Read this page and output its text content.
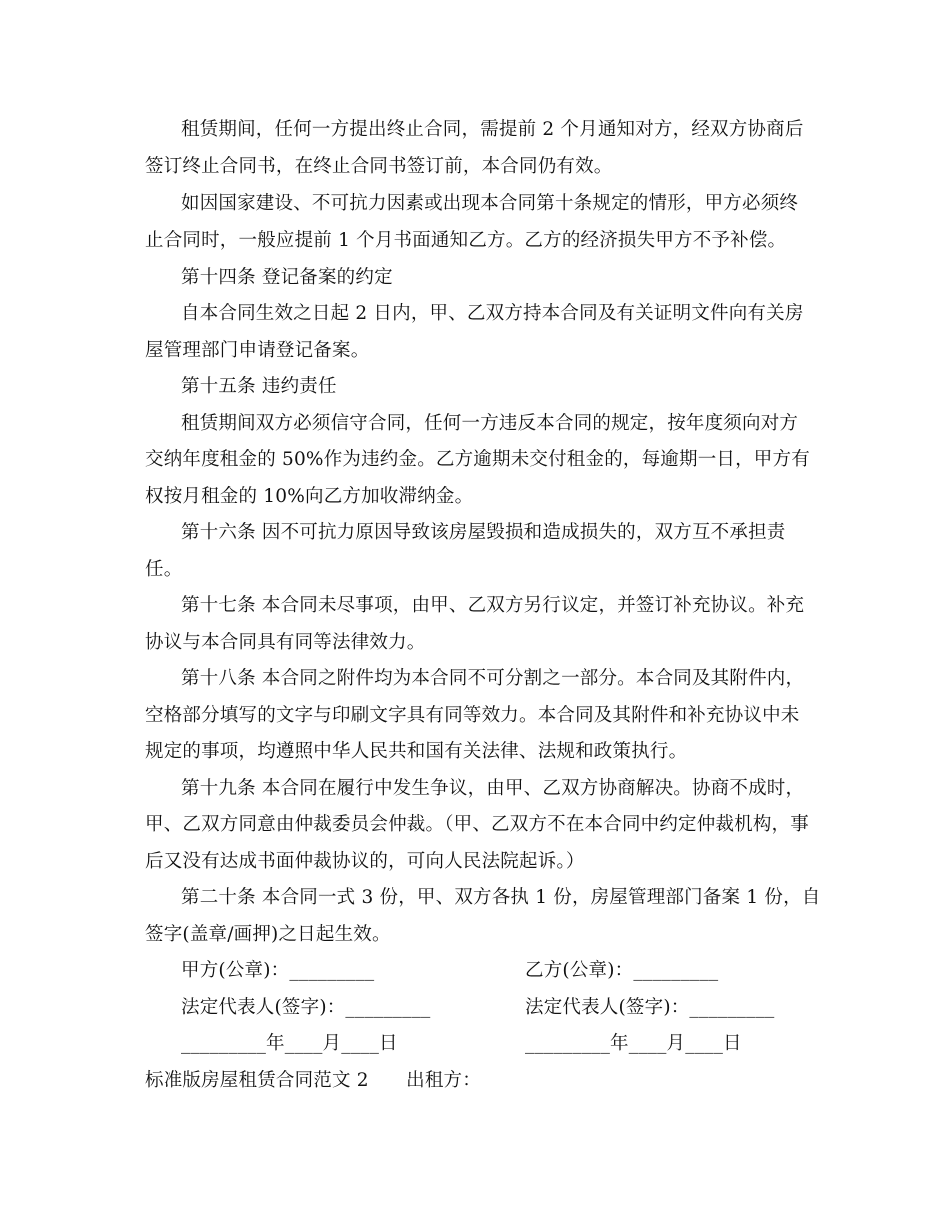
租赁期间，任何一方提出终止合同，需提前 2 个月通知对方，经双方协商后
签订终止合同书，在终止合同书签订前，本合同仍有效。
如因国家建设、不可抗力因素或出现本合同第十条规定的情形，甲方必须终
止合同时，一般应提前 1 个月书面通知乙方。乙方的经济损失甲方不予补偿。
第十四条 登记备案的约定
自本合同生效之日起 2 日内，甲、乙双方持本合同及有关证明文件向有关房
屋管理部门申请登记备案。
第十五条 违约责任
租赁期间双方必须信守合同，任何一方违反本合同的规定，按年度须向对方
交纳年度租金的 50%作为违约金。乙方逾期未交付租金的，每逾期一日，甲方有
权按月租金的 10%向乙方加收滞纳金。
第十六条 因不可抗力原因导致该房屋毁损和造成损失的，双方互不承担责
任。
第十七条 本合同未尽事项，由甲、乙双方另行议定，并签订补充协议。补充
协议与本合同具有同等法律效力。
第十八条 本合同之附件均为本合同不可分割之一部分。本合同及其附件内，
空格部分填写的文字与印刷文字具有同等效力。本合同及其附件和补充协议中未
规定的事项，均遵照中华人民共和国有关法律、法规和政策执行。
第十九条 本合同在履行中发生争议，由甲、乙双方协商解决。协商不成时，
甲、乙双方同意由仲裁委员会仲裁。（甲、乙双方不在本合同中约定仲裁机构，事
后又没有达成书面仲裁协议的，可向人民法院起诉。）
第二十条 本合同一式 3 份，甲、双方各执 1 份，房屋管理部门备案 1 份，自
签字(盖章/画押)之日起生效。
甲方(公章)：_________	乙方(公章)：_________
法定代表人(签字)：_________	法定代表人(签字)：_________
_________年____月____日	_________年____月____日
标准版房屋租赁合同范文 2　　出租方：
